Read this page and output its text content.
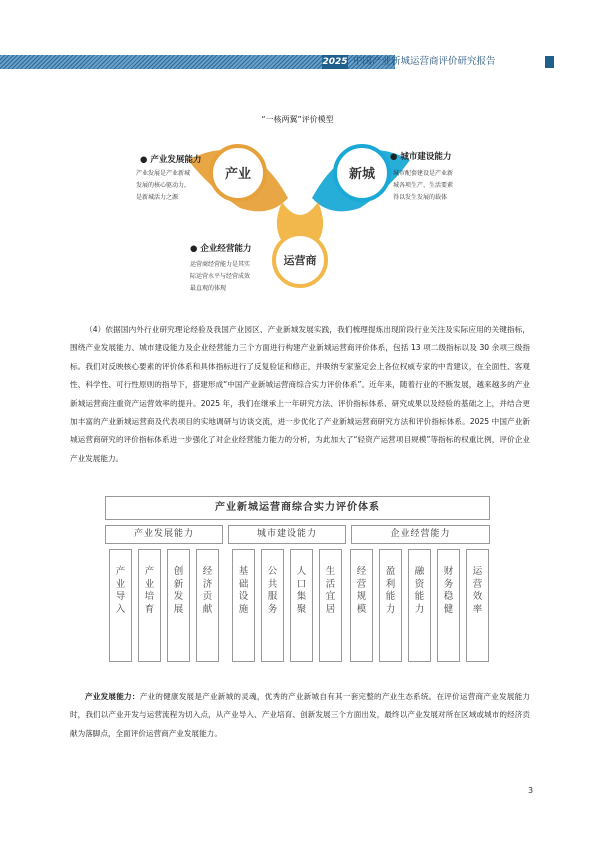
2025 中国产业新城运营商评价研究报告
“一核两翼”评价模型
产业	新城
运营商
● 产业发展能力
产业发展是产业新城
发展的核心驱动力，
是新城活力之源
● 城市建设能力
城市配套建设是产业新
城各项生产、生活要素
得以发生发展的载体
● 企业经营能力
运营商经营能力是其实
际运营水平与经营成效
最直观的体现

（4）依据国内外行业研究理论经验及我国产业园区、产业新城发展实践，我们梳理提炼出现阶段行业关注及实际应用的关键指标，围绕产业发展能力、城市建设能力及企业经营能力三个方面进行构建产业新城运营商评价体系，包括 13 项二级指标以及 30 余项三级指标。我们对反映核心要素的评价体系和具体指标进行了反复验证和修正，并吸纳专家鉴定会上各位权威专家的中肯建议，在全面性、客观性、科学性、可行性原则的指导下，搭建形成“中国产业新城运营商综合实力评价体系”。近年来，随着行业的不断发展，越来越多的产业新城运营商注重资产运营效率的提升。2025 年，我们在继承上一年研究方法、评价指标体系、研究成果以及经验的基础之上，并结合更加丰富的产业新城运营商及代表项目的实地调研与访谈交流，进一步优化了产业新城运营商研究方法和评价指标体系。2025 中国产业新城运营商研究的评价指标体系进一步强化了对企业经营能力能力的分析，为此加大了“轻资产运营项目规模”等指标的权重比例，评价企业产业发展能力。

产业新城运营商综合实力评价体系
产业发展能力	城市建设能力	企业经营能力
产业导入
产业培育
创新发展
经济贡献
基础设施
公共服务
人口集聚
生活宜居
经营规模
盈利能力
融资能力
财务稳健
运营效率

产业发展能力：产业的健康发展是产业新城的灵魂，优秀的产业新城自有其一套完整的产业生态系统。在评价运营商产业发展能力时，我们以产业开发与运营流程为切入点，从产业导入、产业培育、创新发展三个方面出发，最终以产业发展对所在区域或城市的经济贡献为落脚点，全面评价运营商产业发展能力。

3
